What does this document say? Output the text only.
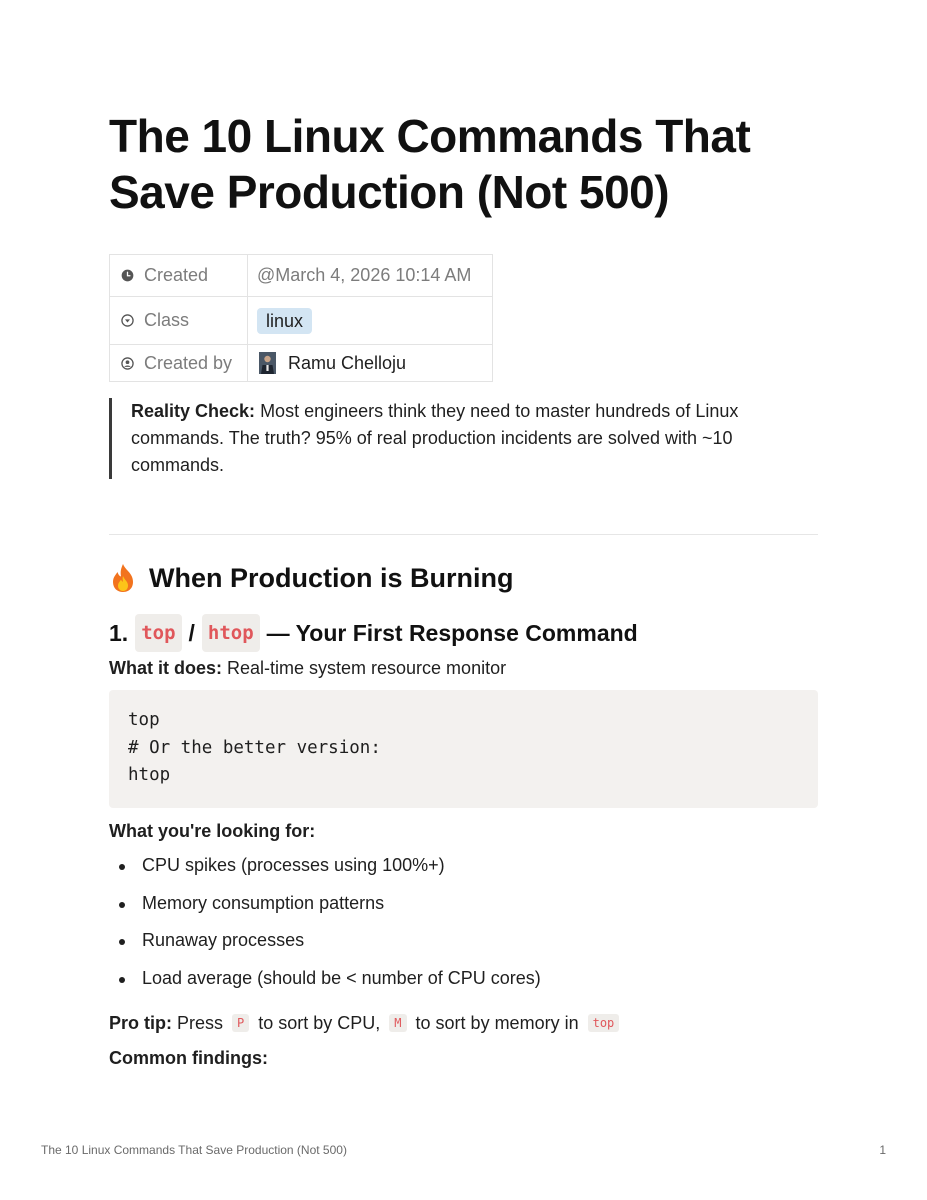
The 10 Linux Commands That Save Production (Not 500)
Created	@March 4, 2026 10:14 AM

Class	linux

Created by	Ramu Chelloju
Reality Check: Most engineers think they need to master hundreds of Linux commands. The truth? 95% of real production incidents are solved with ~10 commands.
When Production is Burning
1. top / htop — Your First Response Command
What it does: Real-time system resource monitor
top
# Or the better version:
htop
What you're looking for:
CPU spikes (processes using 100%+)
Memory consumption patterns
Runaway processes
Load average (should be < number of CPU cores)
Pro tip: Press P to sort by CPU, M to sort by memory in top
Common findings:
The 10 Linux Commands That Save Production (Not 500)	1
